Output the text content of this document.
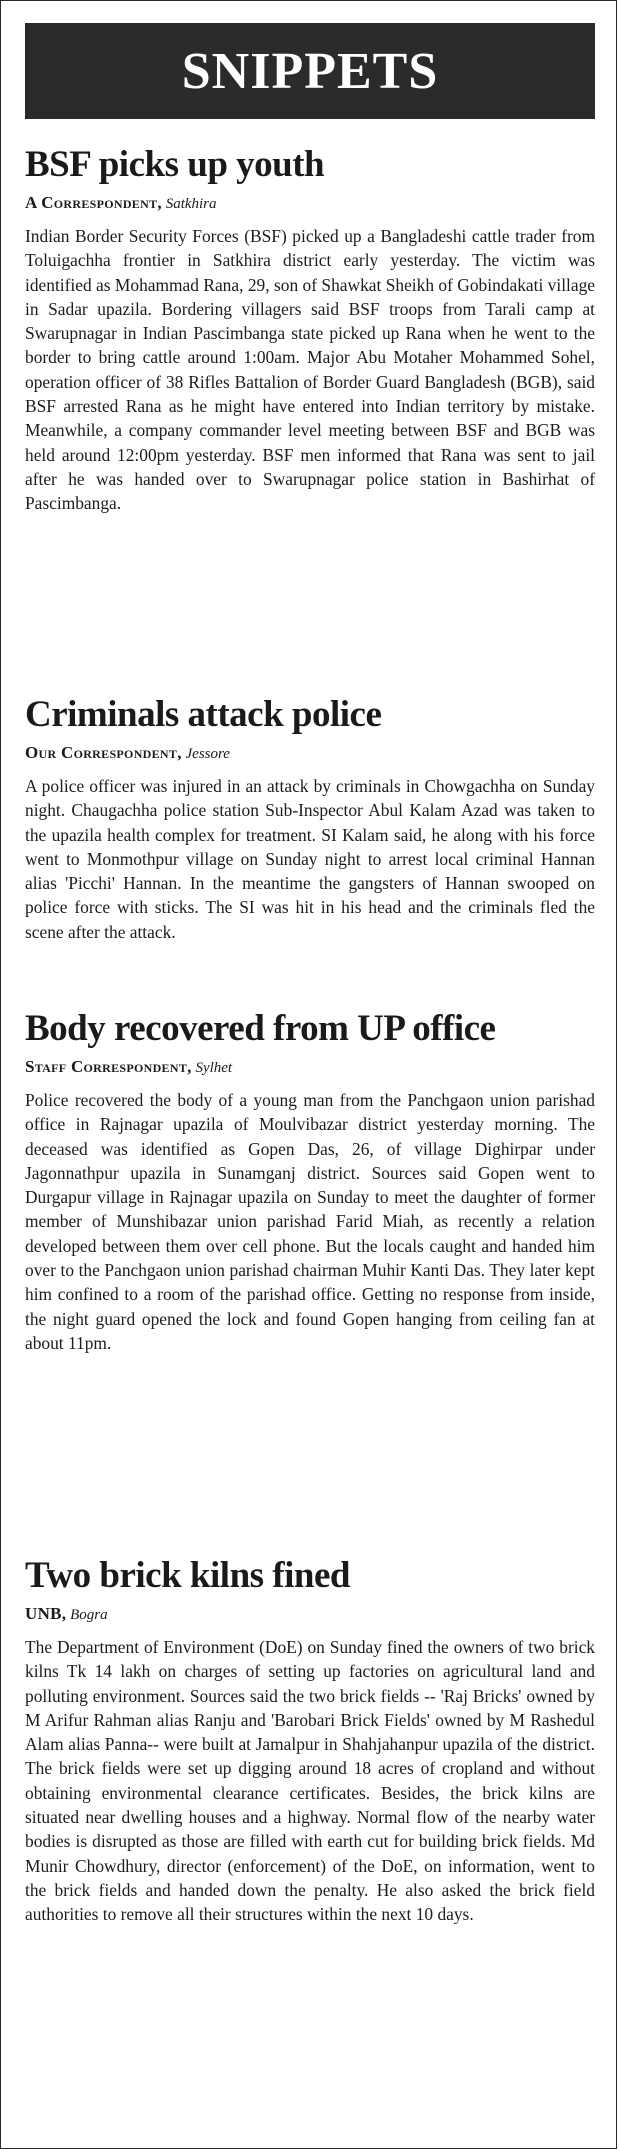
SNIPPETS
BSF picks up youth
A Correspondent, Satkhira

Indian Border Security Forces (BSF) picked up a Bangladeshi cattle trader from Toluigachha frontier in Satkhira district early yesterday. The victim was identified as Mohammad Rana, 29, son of Shawkat Sheikh of Gobindakati village in Sadar upazila. Bordering villagers said BSF troops from Tarali camp at Swarupnagar in Indian Pascimbanga state picked up Rana when he went to the border to bring cattle around 1:00am. Major Abu Motaher Mohammed Sohel, operation officer of 38 Rifles Battalion of Border Guard Bangladesh (BGB), said BSF arrested Rana as he might have entered into Indian territory by mistake. Meanwhile, a company commander level meeting between BSF and BGB was held around 12:00pm yesterday. BSF men informed that Rana was sent to jail after he was handed over to Swarupnagar police station in Bashirhat of Pascimbanga.

Criminals attack police
Our Correspondent, Jessore

A police officer was injured in an attack by criminals in Chowgachha on Sunday night. Chaugachha police station Sub-Inspector Abul Kalam Azad was taken to the upazila health complex for treatment. SI Kalam said, he along with his force went to Monmothpur village on Sunday night to arrest local criminal Hannan alias 'Picchi' Hannan. In the meantime the gangsters of Hannan swooped on police force with sticks. The SI was hit in his head and the criminals fled the scene after the attack.

Body recovered from UP office
Staff Correspondent, Sylhet

Police recovered the body of a young man from the Panchgaon union parishad office in Rajnagar upazila of Moulvibazar district yesterday morning. The deceased was identified as Gopen Das, 26, of village Dighirpar under Jagonnathpur upazila in Sunamganj district. Sources said Gopen went to Durgapur village in Rajnagar upazila on Sunday to meet the daughter of former member of Munshibazar union parishad Farid Miah, as recently a relation developed between them over cell phone. But the locals caught and handed him over to the Panchgaon union parishad chairman Muhir Kanti Das. They later kept him confined to a room of the parishad office. Getting no response from inside, the night guard opened the lock and found Gopen hanging from ceiling fan at about 11pm.

Two brick kilns fined
UNB, Bogra

The Department of Environment (DoE) on Sunday fined the owners of two brick kilns Tk 14 lakh on charges of setting up factories on agricultural land and polluting environment. Sources said the two brick fields -- 'Raj Bricks' owned by M Arifur Rahman alias Ranju and 'Barobari Brick Fields' owned by M Rashedul Alam alias Panna-- were built at Jamalpur in Shahjahanpur upazila of the district. The brick fields were set up digging around 18 acres of cropland and without obtaining environmental clearance certificates. Besides, the brick kilns are situated near dwelling houses and a highway. Normal flow of the nearby water bodies is disrupted as those are filled with earth cut for building brick fields. Md Munir Chowdhury, director (enforcement) of the DoE, on information, went to the brick fields and handed down the penalty. He also asked the brick field authorities to remove all their structures within the next 10 days.
